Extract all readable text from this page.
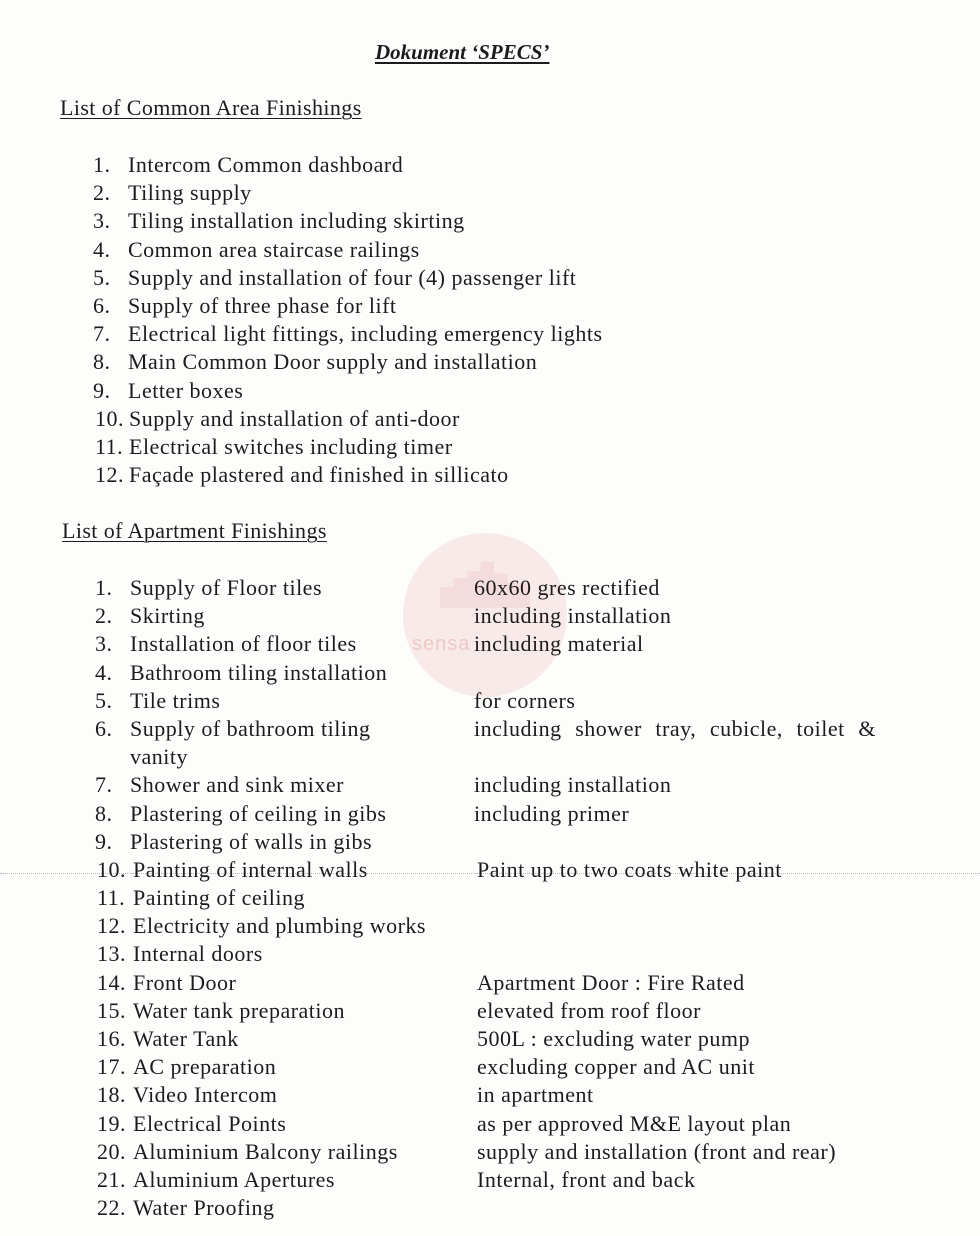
sensa
Dokument ‘SPECS’
List of Common Area Finishings
1. Intercom Common dashboard
2. Tiling supply
3. Tiling installation including skirting
4. Common area staircase railings
5. Supply and installation of four (4) passenger lift
6. Supply of three phase for lift
7. Electrical light fittings, including emergency lights
8. Main Common Door supply and installation
9. Letter boxes
10. Supply and installation of anti-door
11. Electrical switches including timer
12. Façade plastered and finished in sillicato
List of Apartment Finishings
1. Supply of Floor tiles	60x60 gres rectified
2. Skirting	including installation
3. Installation of floor tiles	including material
4. Bathroom tiling installation
5. Tile trims	for corners
6. Supply of bathroom tiling	including shower tray, cubicle, toilet &
vanity
7. Shower and sink mixer	including installation
8. Plastering of ceiling in gibs	including primer
9. Plastering of walls in gibs
10. Painting of internal walls	Paint up to two coats white paint
11. Painting of ceiling
12. Electricity and plumbing works
13. Internal doors
14. Front Door	Apartment Door : Fire Rated
15. Water tank preparation	elevated from roof floor
16. Water Tank	500L : excluding water pump
17. AC preparation	excluding copper and AC unit
18. Video Intercom	in apartment
19. Electrical Points	as per approved M&E layout plan
20. Aluminium Balcony railings	supply and installation (front and rear)
21. Aluminium Apertures	Internal, front and back
22. Water Proofing
